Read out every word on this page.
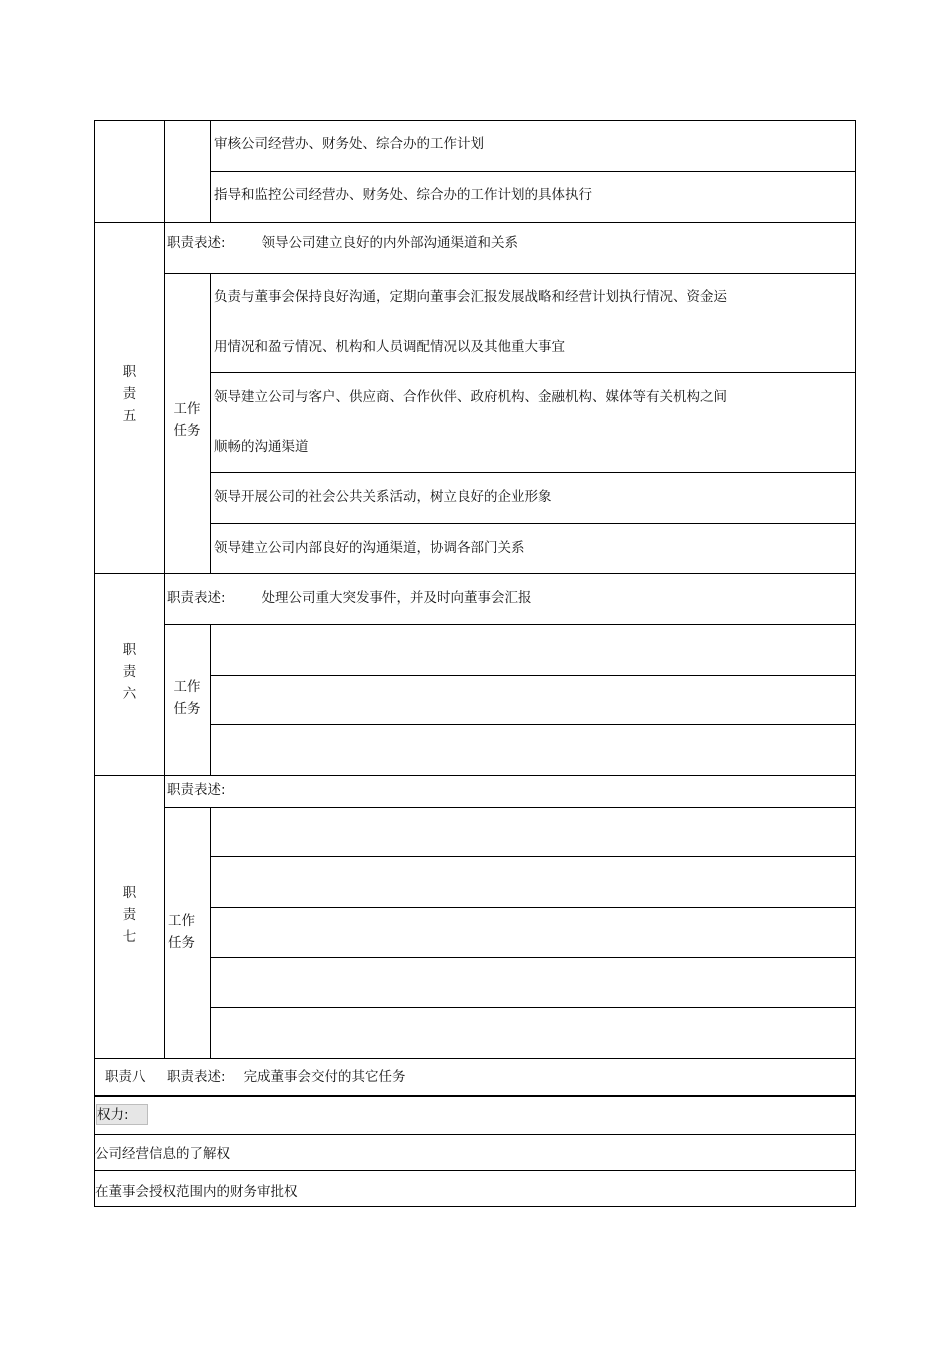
审核公司经营办、财务处、综合办的工作计划
指导和监控公司经营办、财务处、综合办的工作计划的具体执行
职
责
五
职责表述:	领导公司建立良好的内外部沟通渠道和关系
工作
任务
负责与董事会保持良好沟通，定期向董事会汇报发展战略和经营计划执行情况、资金运
用情况和盈亏情况、机构和人员调配情况以及其他重大事宜
领导建立公司与客户、供应商、合作伙伴、政府机构、金融机构、媒体等有关机构之间
顺畅的沟通渠道
领导开展公司的社会公共关系活动，树立良好的企业形象
领导建立公司内部良好的沟通渠道，协调各部门关系
职
责
六
职责表述:	处理公司重大突发事件，并及时向董事会汇报
工作
任务
职
责
七
职责表述:
工作
任务
职责八 职责表述: 完成董事会交付的其它任务
权力:
公司经营信息的了解权
在董事会授权范围内的财务审批权
